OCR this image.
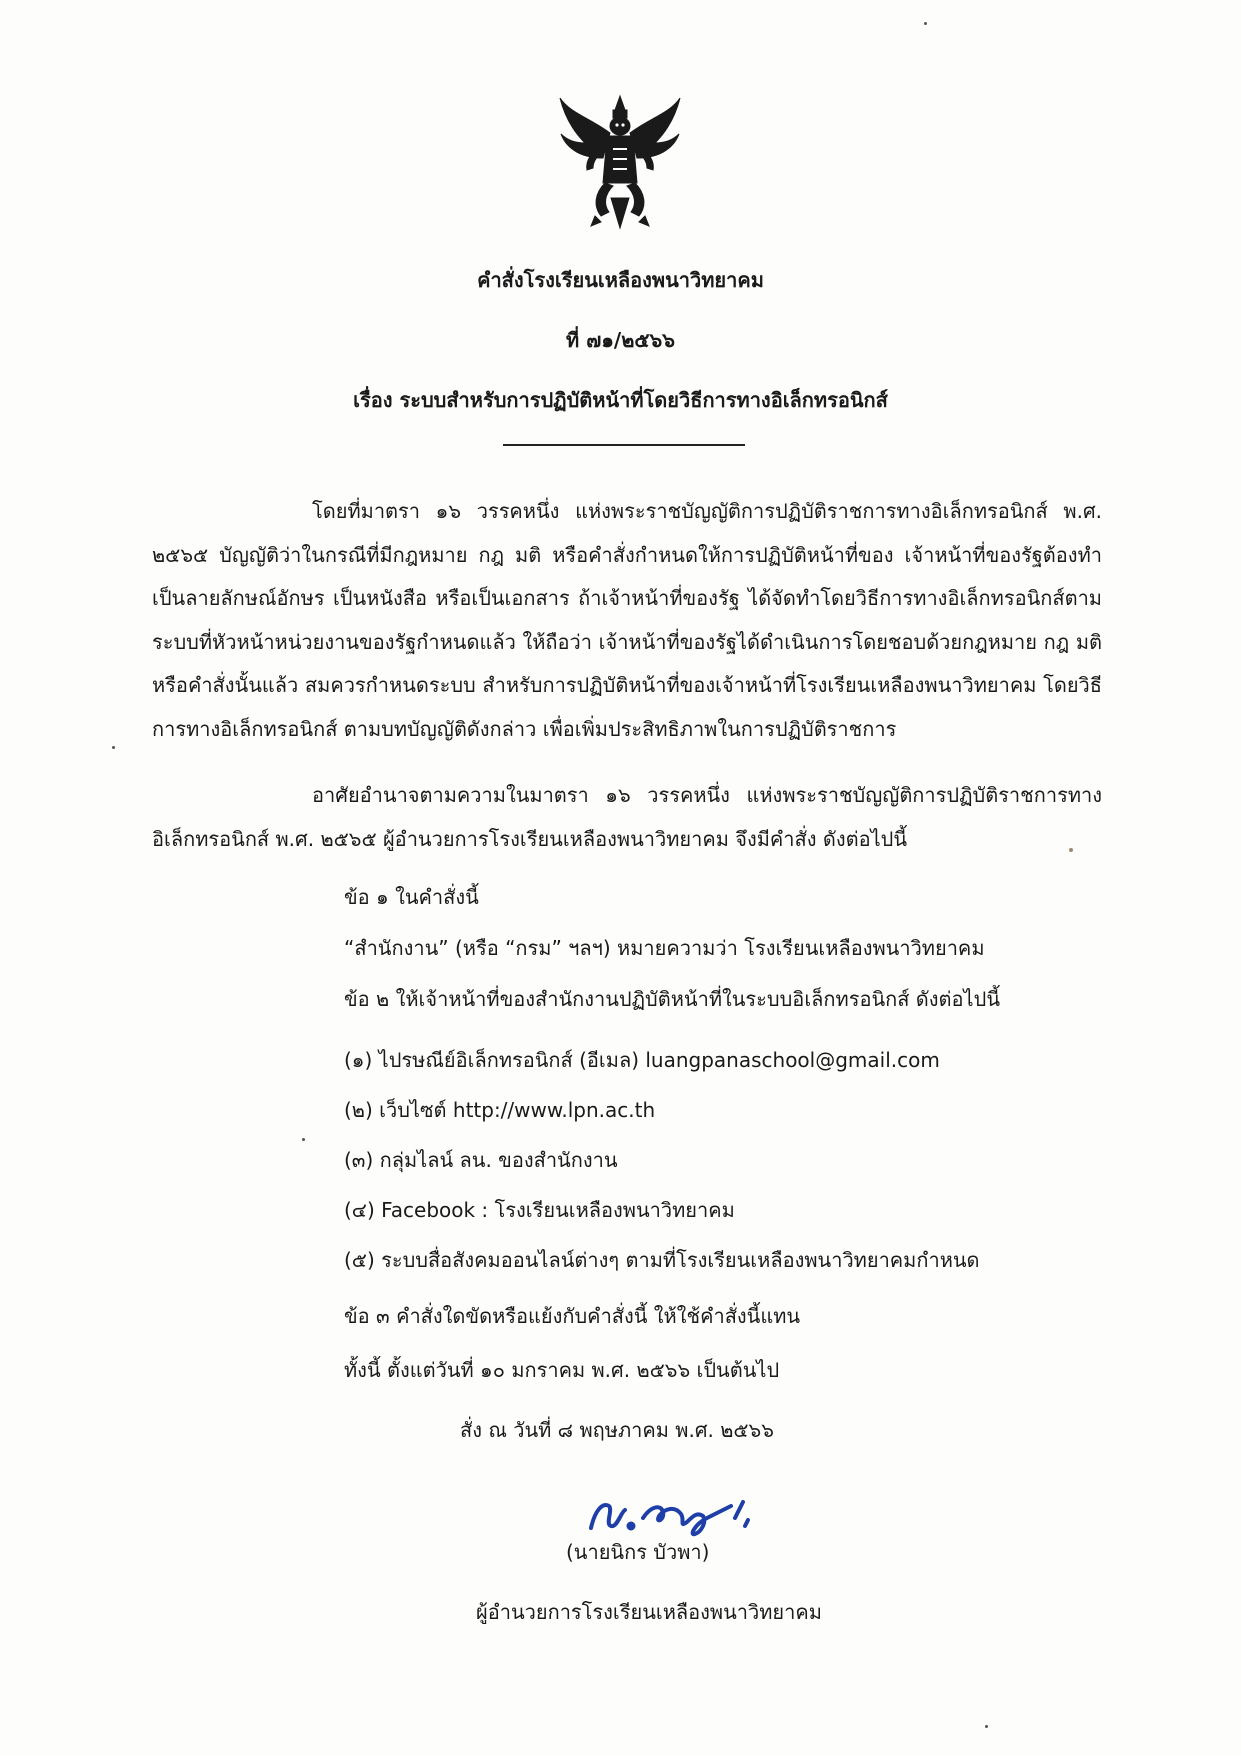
คำสั่งโรงเรียนเหลืองพนาวิทยาคม
ที่ ๗๑/๒๕๖๖
เรื่อง ระบบสำหรับการปฏิบัติหน้าที่โดยวิธีการทางอิเล็กทรอนิกส์
โดยที่มาตรา ๑๖ วรรคหนึ่ง แห่งพระราชบัญญัติการปฏิบัติราชการทางอิเล็กทรอนิกส์ พ.ศ. ๒๕๖๕ บัญญัติว่าในกรณีที่มีกฎหมาย กฎ มติ หรือคำสั่งกำหนดให้การปฏิบัติหน้าที่ของ เจ้าหน้าที่ของรัฐต้องทำเป็นลายลักษณ์อักษร เป็นหนังสือ หรือเป็นเอกสาร ถ้าเจ้าหน้าที่ของรัฐ ได้จัดทำโดยวิธีการทางอิเล็กทรอนิกส์ตามระบบที่หัวหน้าหน่วยงานของรัฐกำหนดแล้ว ให้ถือว่า เจ้าหน้าที่ของรัฐได้ดำเนินการโดยชอบด้วยกฎหมาย กฎ มติ หรือคำสั่งนั้นแล้ว สมควรกำหนดระบบ สำหรับการปฏิบัติหน้าที่ของเจ้าหน้าที่โรงเรียนเหลืองพนาวิทยาคม โดยวิธีการทางอิเล็กทรอนิกส์ ตามบทบัญญัติดังกล่าว เพื่อเพิ่มประสิทธิภาพในการปฏิบัติราชการ
อาศัยอำนาจตามความในมาตรา ๑๖ วรรคหนึ่ง แห่งพระราชบัญญัติการปฏิบัติราชการทางอิเล็กทรอนิกส์ พ.ศ. ๒๕๖๕ ผู้อำนวยการโรงเรียนเหลืองพนาวิทยาคม จึงมีคำสั่ง ดังต่อไปนี้
ข้อ ๑ ในคำสั่งนี้
“สำนักงาน” (หรือ “กรม” ฯลฯ) หมายความว่า โรงเรียนเหลืองพนาวิทยาคม
ข้อ ๒ ให้เจ้าหน้าที่ของสำนักงานปฏิบัติหน้าที่ในระบบอิเล็กทรอนิกส์ ดังต่อไปนี้
(๑) ไปรษณีย์อิเล็กทรอนิกส์ (อีเมล) luangpanaschool@gmail.com
(๒) เว็บไซต์ http://www.lpn.ac.th
(๓) กลุ่มไลน์ ลน. ของสำนักงาน
(๔) Facebook : โรงเรียนเหลืองพนาวิทยาคม
(๕) ระบบสื่อสังคมออนไลน์ต่างๆ ตามที่โรงเรียนเหลืองพนาวิทยาคมกำหนด
ข้อ ๓ คำสั่งใดขัดหรือแย้งกับคำสั่งนี้ ให้ใช้คำสั่งนี้แทน
ทั้งนี้ ตั้งแต่วันที่ ๑๐ มกราคม พ.ศ. ๒๕๖๖ เป็นต้นไป
สั่ง ณ วันที่ ๘ พฤษภาคม พ.ศ. ๒๕๖๖
(นายนิกร บัวพา)
ผู้อำนวยการโรงเรียนเหลืองพนาวิทยาคม
